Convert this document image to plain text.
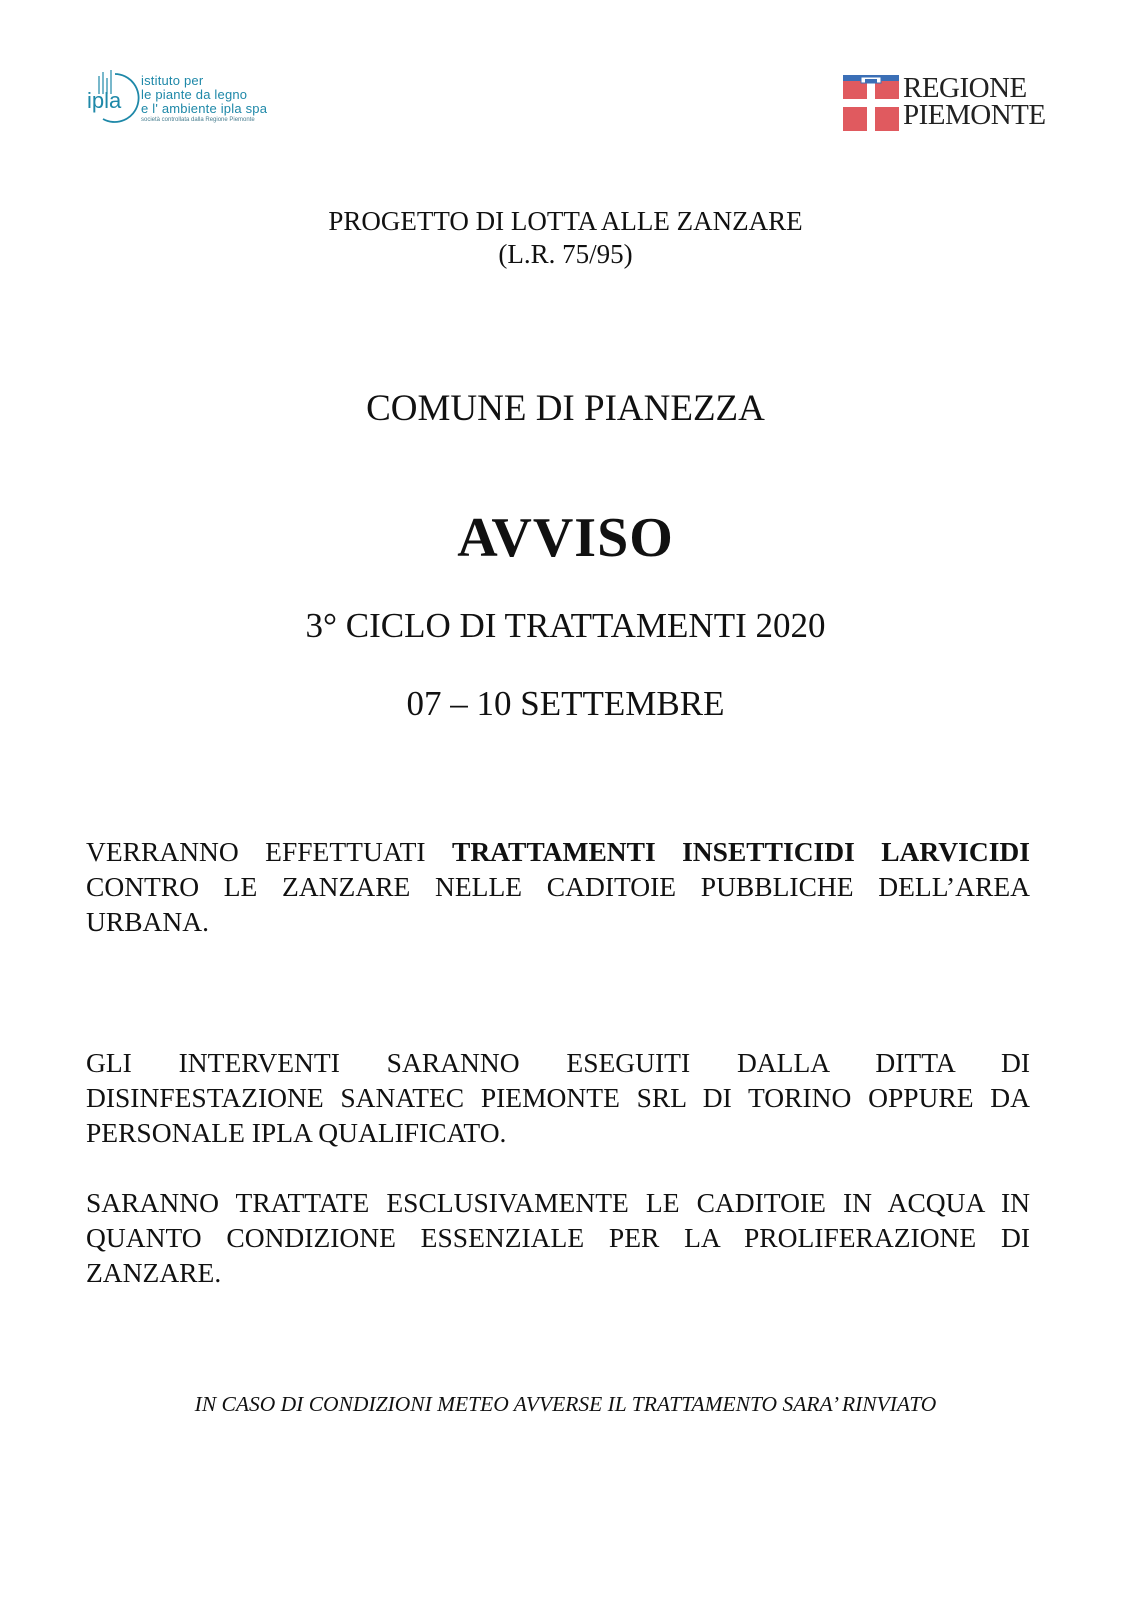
ipla
istituto per
le piante da legno
e l' ambiente ipla spa
società controllata dalla Regione Piemonte
REGIONE
PIEMONTE
PROGETTO DI LOTTA ALLE ZANZARE
(L.R. 75/95)
COMUNE DI PIANEZZA
AVVISO
3° CICLO DI TRATTAMENTI 2020
07 – 10 SETTEMBRE
VERRANNO EFFETTUATI TRATTAMENTI INSETTICIDI LARVICIDI CONTRO LE ZANZARE NELLE CADITOIE PUBBLICHE DELL’AREA URBANA.
GLI INTERVENTI SARANNO ESEGUITI DALLA DITTA DI DISINFESTAZIONE SANATEC PIEMONTE SRL DI TORINO OPPURE DA PERSONALE IPLA QUALIFICATO.
SARANNO TRATTATE ESCLUSIVAMENTE LE CADITOIE IN ACQUA IN QUANTO CONDIZIONE ESSENZIALE PER LA PROLIFERAZIONE DI ZANZARE.
IN CASO DI CONDIZIONI METEO AVVERSE IL TRATTAMENTO SARA’ RINVIATO
